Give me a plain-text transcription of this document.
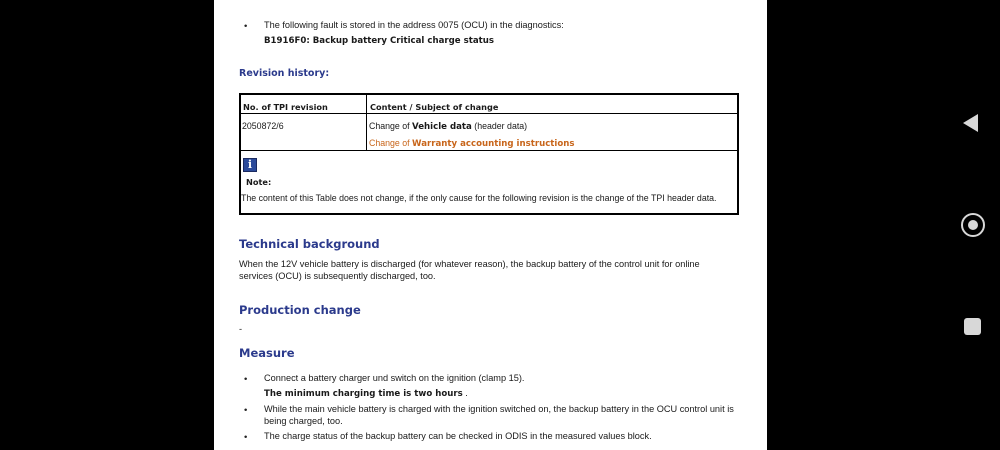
• The following fault is stored in the address 0075 (OCU) in the diagnostics:
B1916F0: Backup battery Critical charge status
Revision history:
No. of TPI revision	Content / Subject of change
2050872/6	Change of Vehicle data (header data)
Change of Warranty accounting instructions
i
Note:
The content of this Table does not change, if the only cause for the following revision is the change of the TPI header data.
Technical background
When the 12V vehicle battery is discharged (for whatever reason), the backup battery of the control unit for online services (OCU) is subsequently discharged, too.
Production change
-
Measure
• Connect a battery charger und switch on the ignition (clamp 15).
The minimum charging time is two hours .
• While the main vehicle battery is charged with the ignition switched on, the backup battery in the OCU control unit is being charged, too.
• The charge status of the backup battery can be checked in ODIS in the measured values block.
